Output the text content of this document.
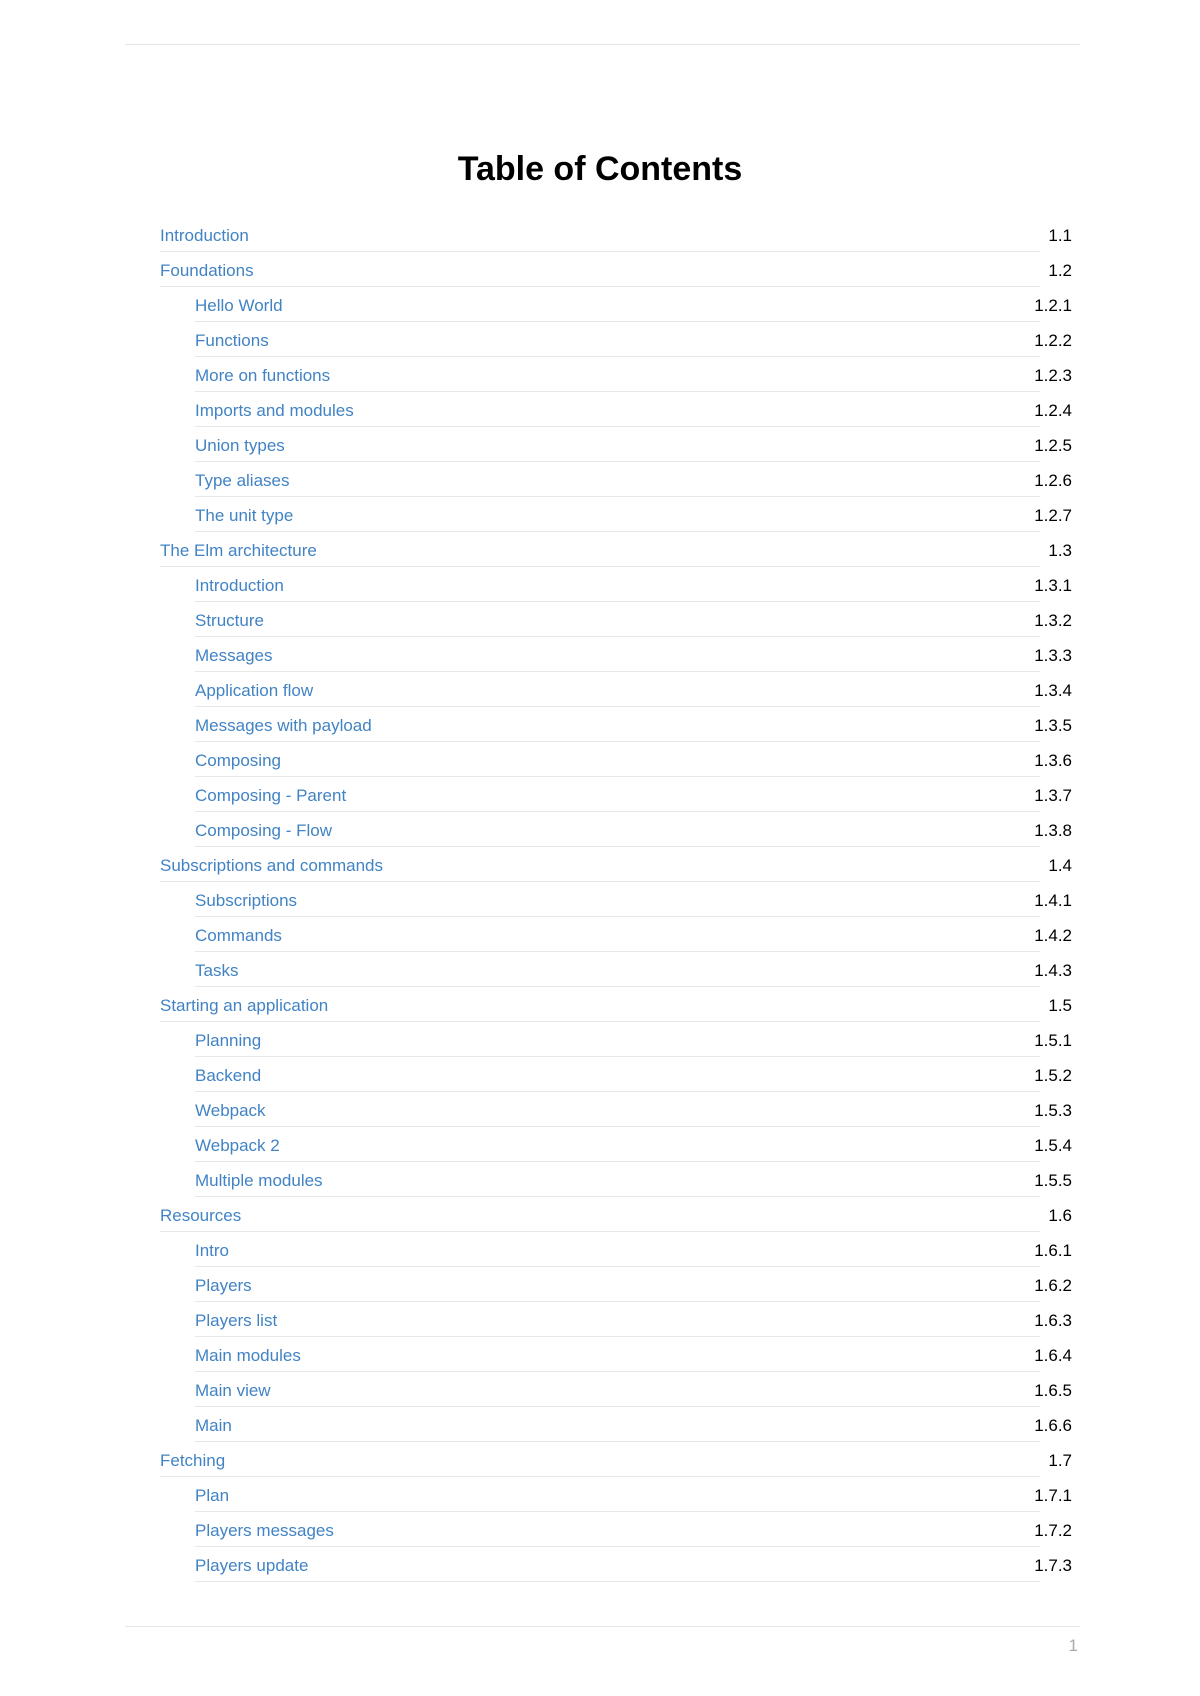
Table of Contents
Introduction	1.1
Foundations	1.2
Hello World	1.2.1
Functions	1.2.2
More on functions	1.2.3
Imports and modules	1.2.4
Union types	1.2.5
Type aliases	1.2.6
The unit type	1.2.7
The Elm architecture	1.3
Introduction	1.3.1
Structure	1.3.2
Messages	1.3.3
Application flow	1.3.4
Messages with payload	1.3.5
Composing	1.3.6
Composing - Parent	1.3.7
Composing - Flow	1.3.8
Subscriptions and commands	1.4
Subscriptions	1.4.1
Commands	1.4.2
Tasks	1.4.3
Starting an application	1.5
Planning	1.5.1
Backend	1.5.2
Webpack	1.5.3
Webpack 2	1.5.4
Multiple modules	1.5.5
Resources	1.6
Intro	1.6.1
Players	1.6.2
Players list	1.6.3
Main modules	1.6.4
Main view	1.6.5
Main	1.6.6
Fetching	1.7
Plan	1.7.1
Players messages	1.7.2
Players update	1.7.3
1
